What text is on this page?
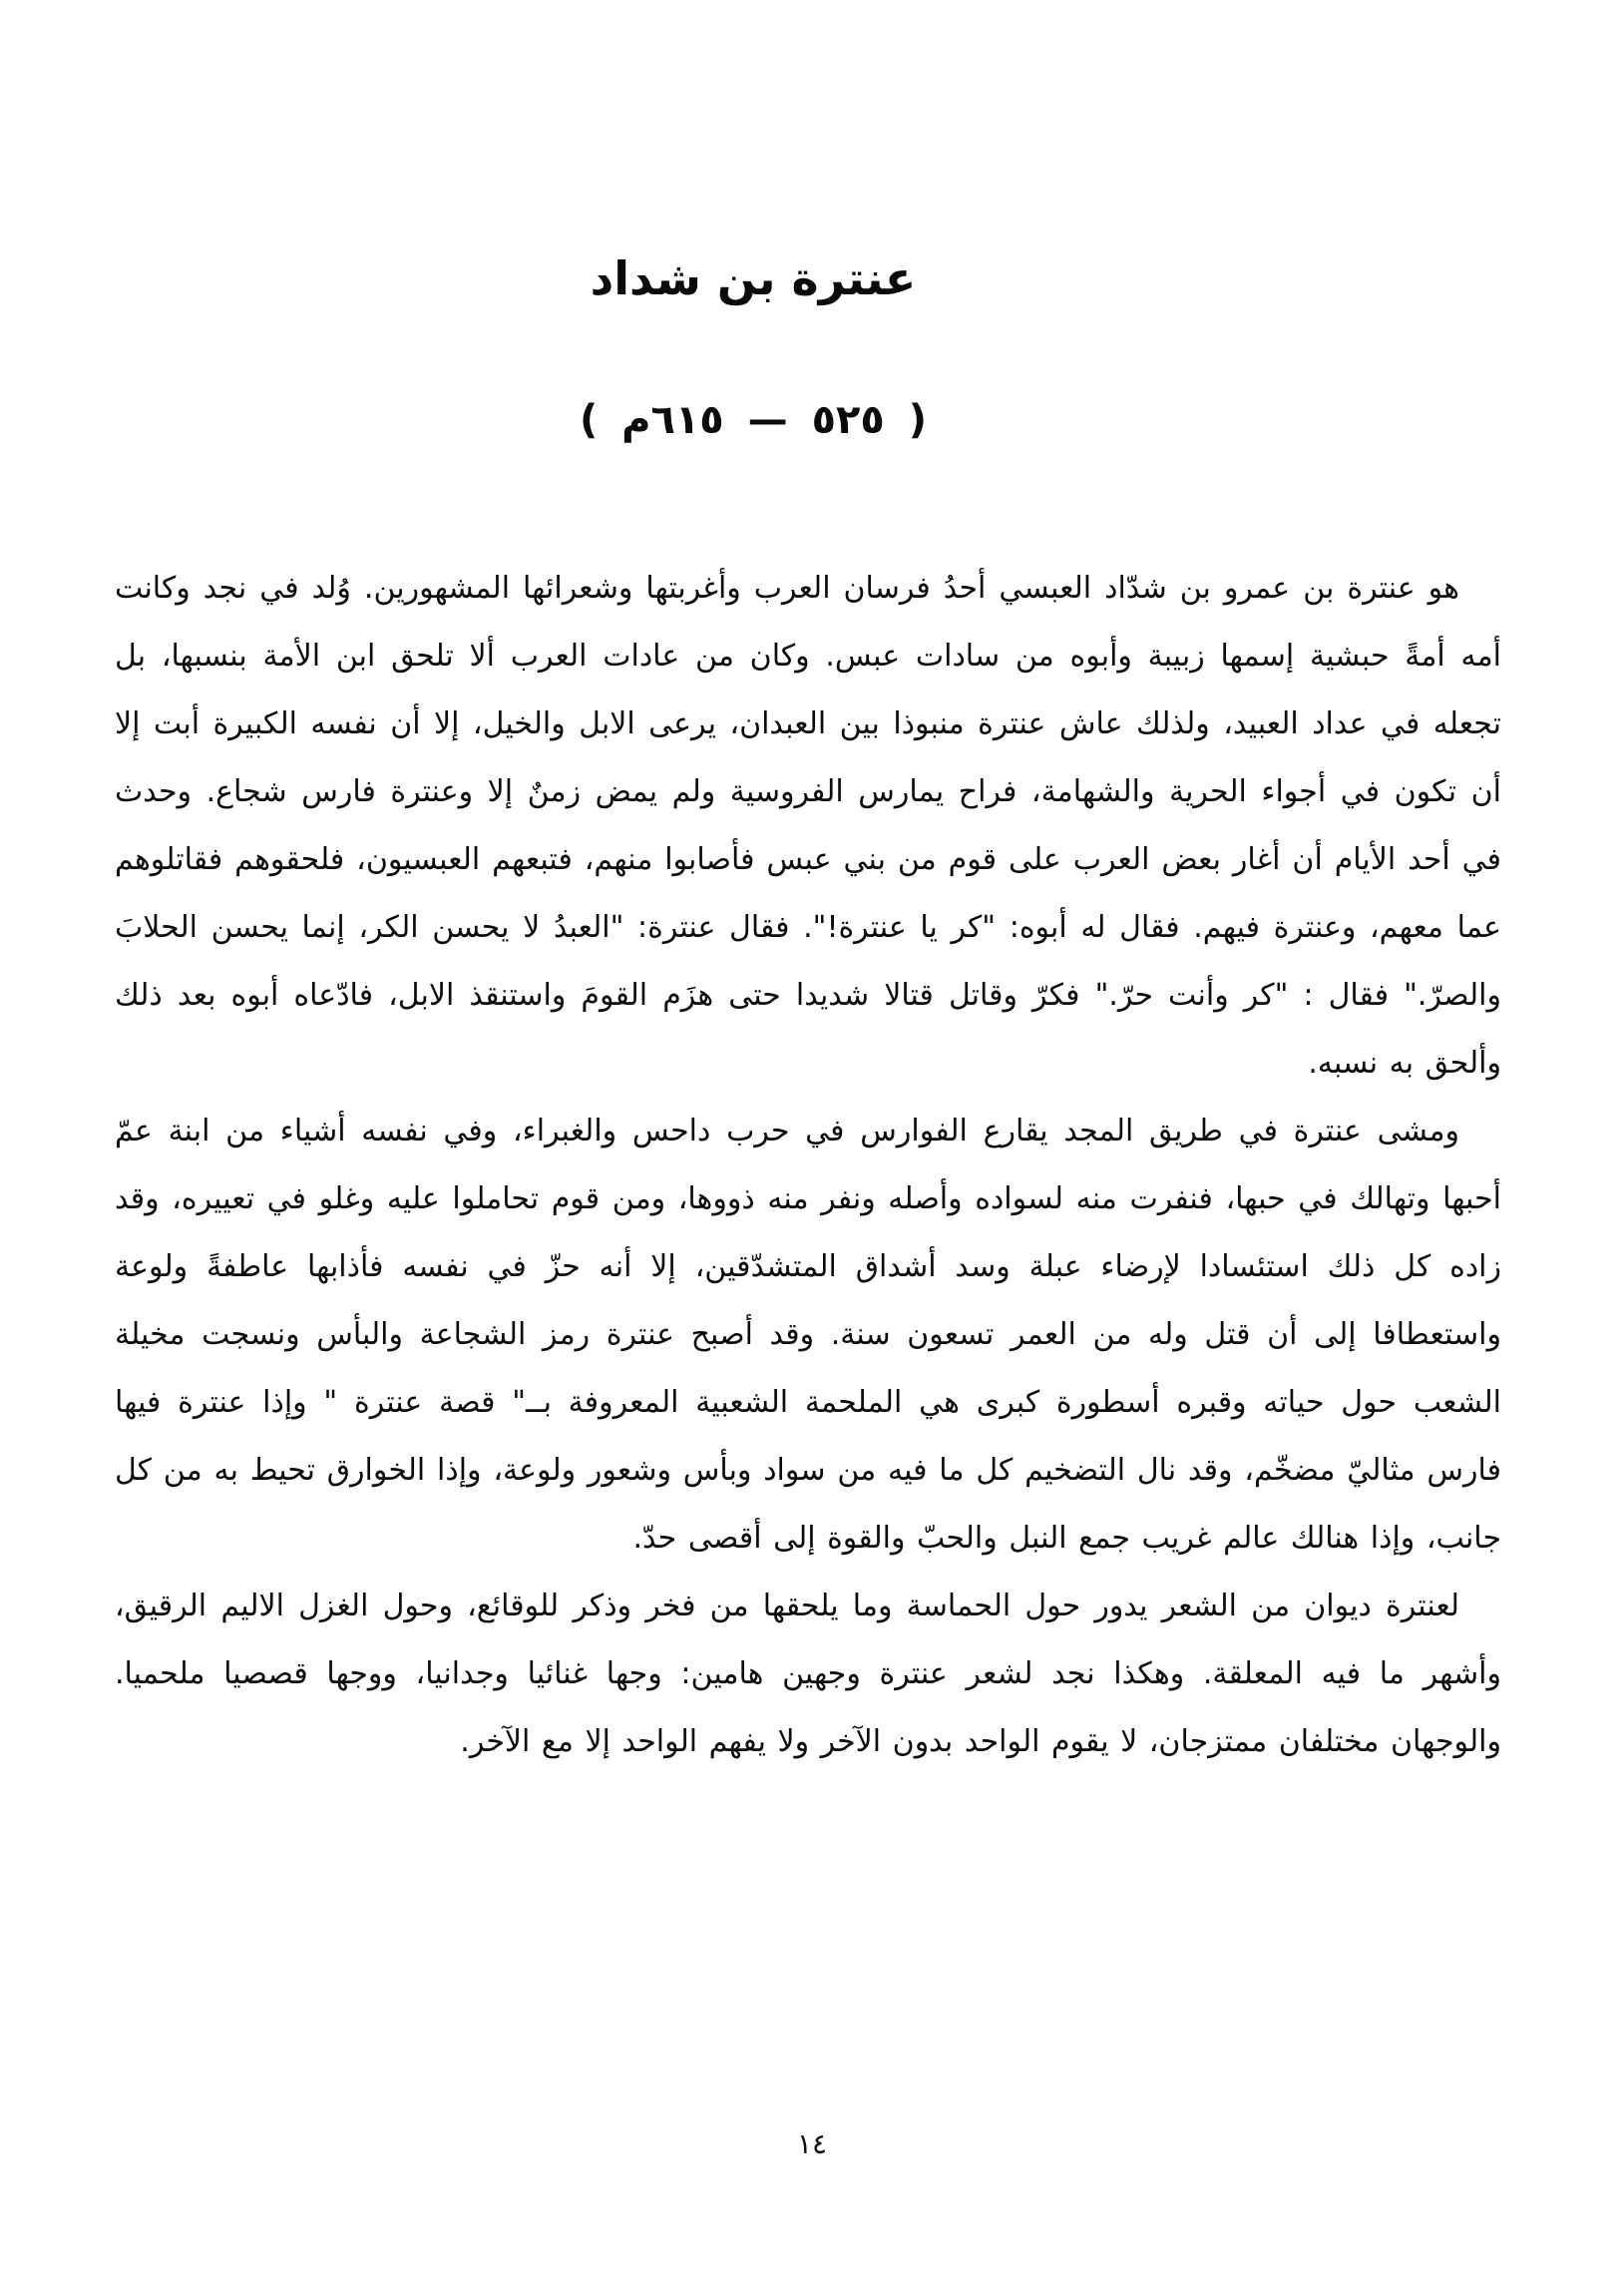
عنترة بن شداد
( ٥٢٥ — ٦١٥م )

هو عنترة بن عمرو بن شدّاد العبسي أحدُ فرسان العرب وأغربتها وشعرائها المشهورين. وُلد في نجد وكانت أمه أمةً حبشية إسمها زبيبة وأبوه من سادات عبس. وكان من عادات العرب ألا تلحق ابن الأمة بنسبها، بل تجعله في عداد العبيد، ولذلك عاش عنترة منبوذا بين العبدان، يرعى الابل والخيل، إلا أن نفسه الكبيرة أبت إلا أن تكون في أجواء الحرية والشهامة، فراح يمارس الفروسية ولم يمض زمنٌ إلا وعنترة فارس شجاع. وحدث في أحد الأيام أن أغار بعض العرب على قوم من بني عبس فأصابوا منهم، فتبعهم العبسيون، فلحقوهم فقاتلوهم عما معهم، وعنترة فيهم. فقال له أبوه: "كر يا عنترة!". فقال عنترة: "العبدُ لا يحسن الكر، إنما يحسن الحلابَ والصرّ." فقال : "كر وأنت حرّ." فكرّ وقاتل قتالا شديدا حتى هزَم القومَ واستنقذ الابل، فادّعاه أبوه بعد ذلك وألحق به نسبه.

ومشى عنترة في طريق المجد يقارع الفوارس في حرب داحس والغبراء، وفي نفسه أشياء من ابنة عمّ أحبها وتهالك في حبها، فنفرت منه لسواده وأصله ونفر منه ذووها، ومن قوم تحاملوا عليه وغلو في تعييره، وقد زاده كل ذلك استئسادا لإرضاء عبلة وسد أشداق المتشدّقين، إلا أنه حزّ في نفسه فأذابها عاطفةً ولوعة واستعطافا إلى أن قتل وله من العمر تسعون سنة. وقد أصبح عنترة رمز الشجاعة والبأس ونسجت مخيلة الشعب حول حياته وقبره أسطورة كبرى هي الملحمة الشعبية المعروفة بــ" قصة عنترة " وإذا عنترة فيها فارس مثاليّ مضخّم، وقد نال التضخيم كل ما فيه من سواد وبأس وشعور ولوعة، وإذا الخوارق تحيط به من كل جانب، وإذا هنالك عالم غريب جمع النبل والحبّ والقوة إلى أقصى حدّ.

لعنترة ديوان من الشعر يدور حول الحماسة وما يلحقها من فخر وذكر للوقائع، وحول الغزل الاليم الرقيق، وأشهر ما فيه المعلقة. وهكذا نجد لشعر عنترة وجهين هامين: وجها غنائيا وجدانيا، ووجها قصصيا ملحميا. والوجهان مختلفان ممتزجان، لا يقوم الواحد بدون الآخر ولا يفهم الواحد إلا مع الآخر.

١٤
